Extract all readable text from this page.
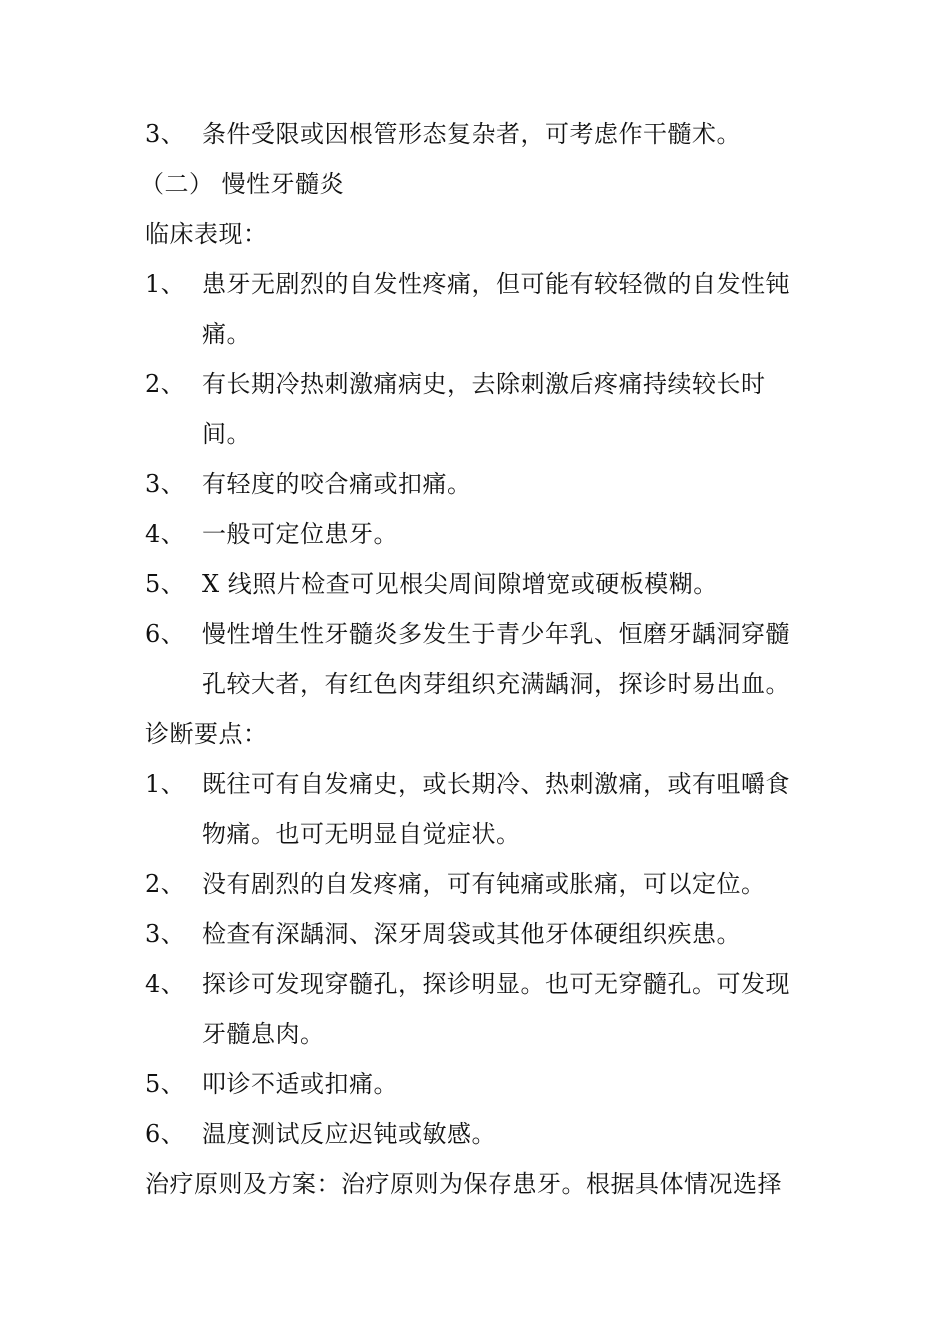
3、 条件受限或因根管形态复杂者，可考虑作干髓术。
（二） 慢性牙髓炎
临床表现：
1、 患牙无剧烈的自发性疼痛，但可能有较轻微的自发性钝
痛。
2、 有长期冷热刺激痛病史，去除刺激后疼痛持续较长时
间。
3、 有轻度的咬合痛或扣痛。
4、 一般可定位患牙。
5、 X 线照片检查可见根尖周间隙增宽或硬板模糊。
6、 慢性增生性牙髓炎多发生于青少年乳、恒磨牙龋洞穿髓
孔较大者，有红色肉芽组织充满龋洞，探诊时易出血。
诊断要点：
1、 既往可有自发痛史，或长期冷、热刺激痛，或有咀嚼食
物痛。也可无明显自觉症状。
2、 没有剧烈的自发疼痛，可有钝痛或胀痛，可以定位。
3、 检查有深龋洞、深牙周袋或其他牙体硬组织疾患。
4、 探诊可发现穿髓孔，探诊明显。也可无穿髓孔。可发现
牙髓息肉。
5、 叩诊不适或扣痛。
6、 温度测试反应迟钝或敏感。
治疗原则及方案：治疗原则为保存患牙。根据具体情况选择
